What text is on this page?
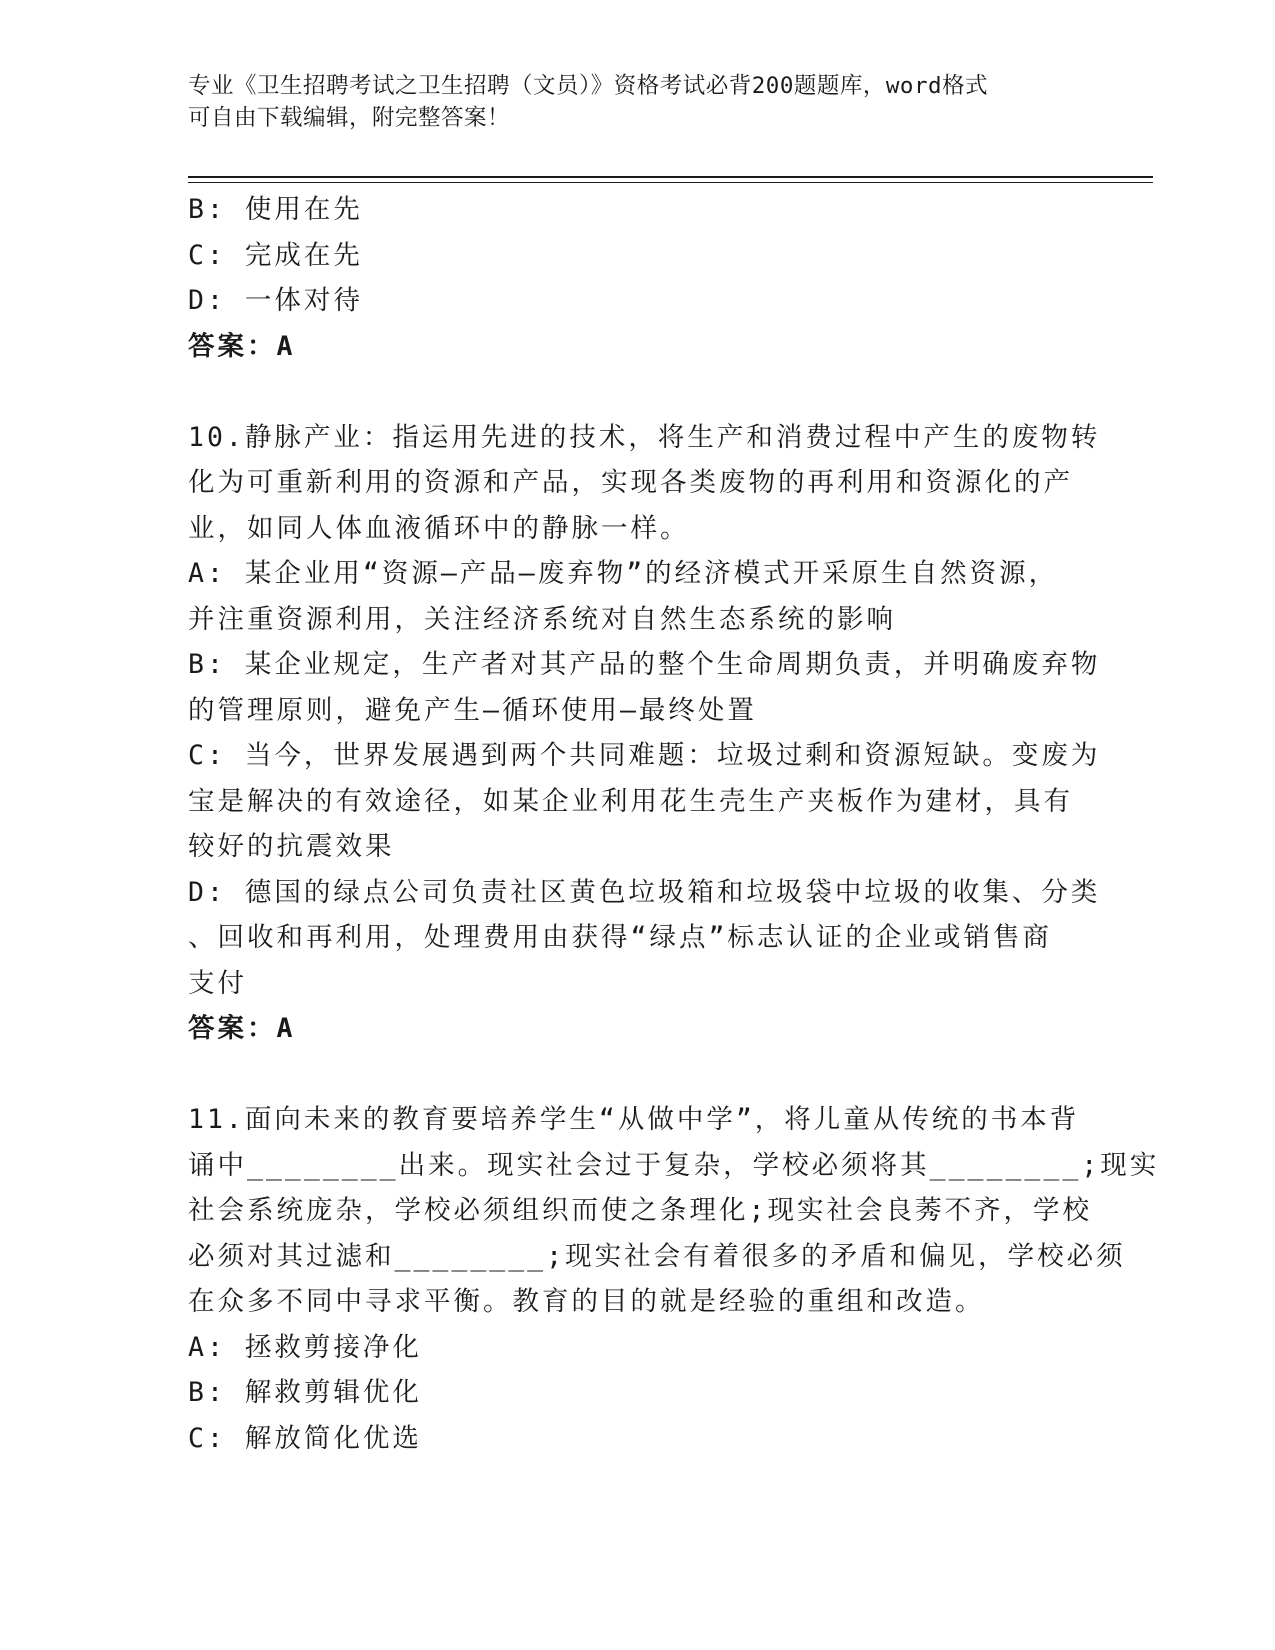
专业《卫生招聘考试之卫生招聘（文员）》资格考试必背200题题库，word格式
可自由下载编辑，附完整答案！
B: 使用在先
C: 完成在先
D: 一体对待
答案：A
10.静脉产业：指运用先进的技术，将生产和消费过程中产生的废物转
化为可重新利用的资源和产品，实现各类废物的再利用和资源化的产
业，如同人体血液循环中的静脉一样。
A: 某企业用“资源—产品—废弃物”的经济模式开采原生自然资源，
并注重资源利用，关注经济系统对自然生态系统的影响
B: 某企业规定，生产者对其产品的整个生命周期负责，并明确废弃物
的管理原则，避免产生—循环使用—最终处置
C: 当今，世界发展遇到两个共同难题：垃圾过剩和资源短缺。变废为
宝是解决的有效途径，如某企业利用花生壳生产夹板作为建材，具有
较好的抗震效果
D: 德国的绿点公司负责社区黄色垃圾箱和垃圾袋中垃圾的收集、分类
、回收和再利用，处理费用由获得“绿点”标志认证的企业或销售商
支付
答案：A
11.面向未来的教育要培养学生“从做中学”，将儿童从传统的书本背
诵中________出来。现实社会过于复杂，学校必须将其________;现实
社会系统庞杂，学校必须组织而使之条理化;现实社会良莠不齐，学校
必须对其过滤和________;现实社会有着很多的矛盾和偏见，学校必须
在众多不同中寻求平衡。教育的目的就是经验的重组和改造。
A: 拯救剪接净化
B: 解救剪辑优化
C: 解放简化优选
